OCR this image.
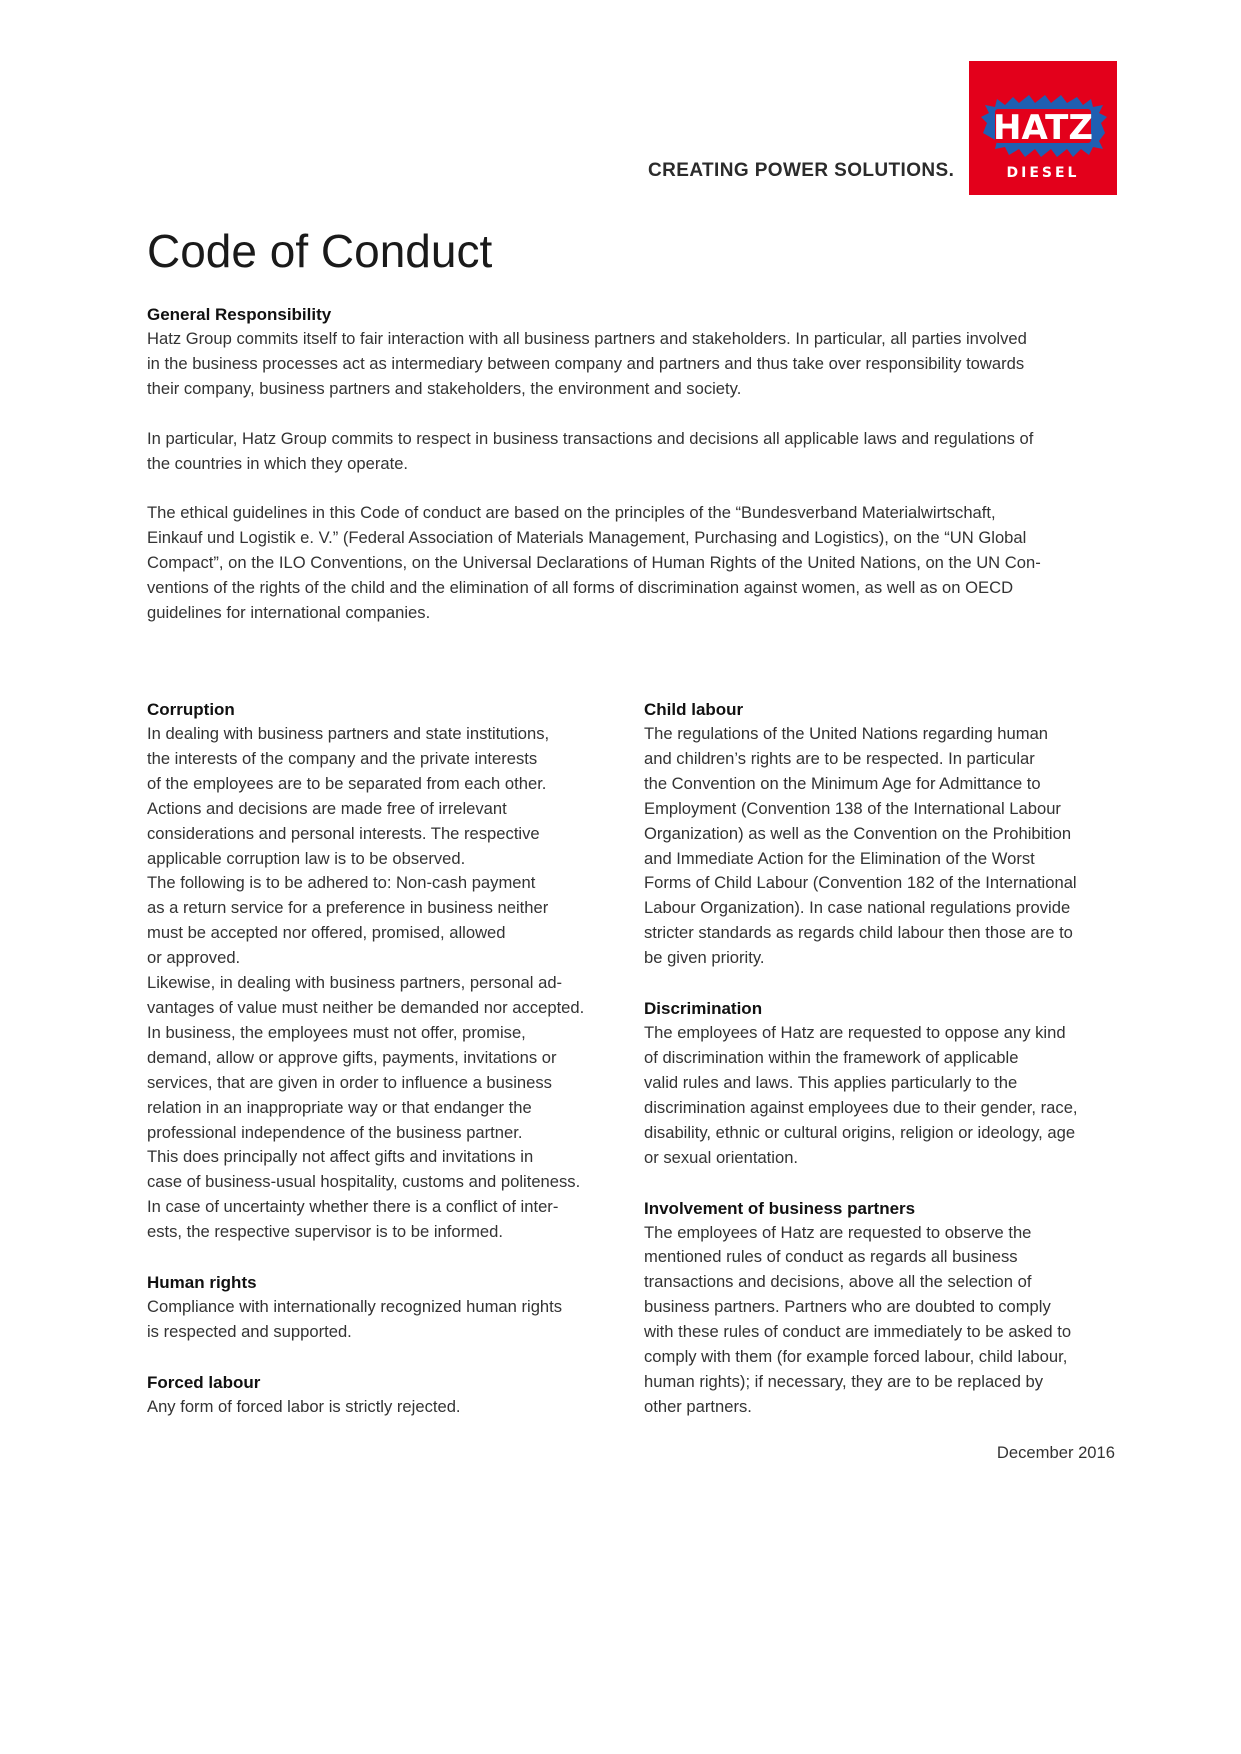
CREATING POWER SOLUTIONS.
HATZ
DIESEL
Code of Conduct
General Responsibility
Hatz Group commits itself to fair interaction with all business partners and stakeholders. In particular, all parties involved
in the business processes act as intermediary between company and partners and thus take over responsibility towards
their company, business partners and stakeholders, the environment and society.
In particular, Hatz Group commits to respect in business transactions and decisions all applicable laws and regulations of
the countries in which they operate.
The ethical guidelines in this Code of conduct are based on the principles of the “Bundesverband Materialwirtschaft,
Einkauf und Logistik e. V.” (Federal Association of Materials Management, Purchasing and Logistics), on the “UN Global
Compact”, on the ILO Conventions, on the Universal Declarations of Human Rights of the United Nations, on the UN Con-
ventions of the rights of the child and the elimination of all forms of discrimination against women, as well as on OECD
guidelines for international companies.
Corruption
In dealing with business partners and state institutions,
the interests of the company and the private interests
of the employees are to be separated from each other.
Actions and decisions are made free of irrelevant
considerations and personal interests. The respective
applicable corruption law is to be observed.
The following is to be adhered to: Non-cash payment
as a return service for a preference in business neither
must be accepted nor offered, promised, allowed
or approved.
Likewise, in dealing with business partners, personal ad-
vantages of value must neither be demanded nor accepted.
In business, the employees must not offer, promise,
demand, allow or approve gifts, payments, invitations or
services, that are given in order to influence a business
relation in an inappropriate way or that endanger the
professional independence of the business partner.
This does principally not affect gifts and invitations in
case of business-usual hospitality, customs and politeness.
In case of uncertainty whether there is a conflict of inter-
ests, the respective supervisor is to be informed.
Human rights
Compliance with internationally recognized human rights
is respected and supported.
Forced labour
Any form of forced labor is strictly rejected.
Child labour
The regulations of the United Nations regarding human
and children’s rights are to be respected. In particular
the Convention on the Minimum Age for Admittance to
Employment (Convention 138 of the International Labour
Organization) as well as the Convention on the Prohibition
and Immediate Action for the Elimination of the Worst
Forms of Child Labour (Convention 182 of the International
Labour Organization). In case national regulations provide
stricter standards as regards child labour then those are to
be given priority.
Discrimination
The employees of Hatz are requested to oppose any kind
of discrimination within the framework of applicable
valid rules and laws. This applies particularly to the
discrimination against employees due to their gender, race,
disability, ethnic or cultural origins, religion or ideology, age
or sexual orientation.
Involvement of business partners
The employees of Hatz are requested to observe the
mentioned rules of conduct as regards all business
transactions and decisions, above all the selection of
business partners. Partners who are doubted to comply
with these rules of conduct are immediately to be asked to
comply with them (for example forced labour, child labour,
human rights); if necessary, they are to be replaced by
other partners.
December 2016
